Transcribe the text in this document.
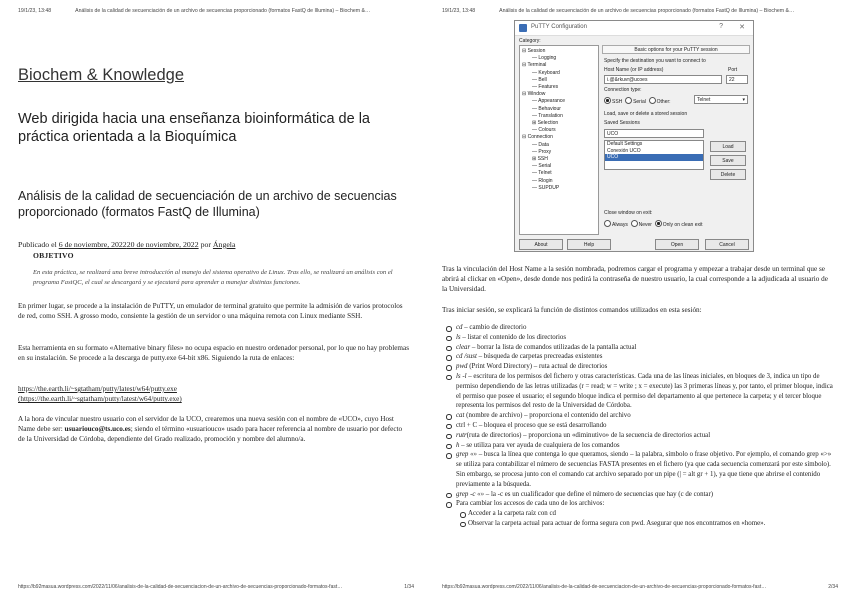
19/1/23, 13:48	Análisis de la calidad de secuenciación de un archivo de secuencias proporcionado (formatos FastQ de Illumina) – Biochem &…
Biochem & Knowledge
Web dirigida hacia una enseñanza bioinformática de la práctica orientada a la Bioquímica
Análisis de la calidad de secuenciación de un archivo de secuencias proporcionado (formatos FastQ de Illumina)
Publicado el 6 de noviembre, 202220 de noviembre, 2022 por Ángela
OBJETIVO
En esta práctica, se realizará una breve introducción al manejo del sistema operativo de Linux. Tras ello, se realizará un análisis con el programa FastQC, el cual se descargará y se ejecutará para aprender a manejar distintas funciones.

En primer lugar, se procede a la instalación de PuTTY, un emulador de terminal gratuito que permite la admisión de varios protocolos de red, como SSH. A grosso modo, consiente la gestión de un servidor o una máquina remota con Linux mediante SSH.

Esta herramienta en su formato «Alternative binary files» no ocupa espacio en nuestro ordenador personal, por lo que no hay problemas en su instalación. Se procede a la descarga de putty.exe 64-bit x86. Siguiendo la ruta de enlaces:

https://the.earth.li/~sgtatham/putty/latest/w64/putty.exe
(https://the.earth.li/~sgtatham/putty/latest/w64/putty.exe)

A la hora de vincular nuestro usuario con el servidor de la UCO, crearemos una nueva sesión con el nombre de «UCO», cuyo Host Name debe ser: usuariouco@ts.uco.es; siendo el término «usuariouco» usado para hacer referencia al nombre de usuario por defecto de la Universidad de Córdoba, dependiente del Grado realizado, promoción y nombre del alumno/a.

https://b92masua.wordpress.com/2022/11/06/analisis-de-la-calidad-de-secuenciacion-de-un-archivo-de-secuencias-proporcionado-formatos-fast…	1/34
19/1/23, 13:48	Análisis de la calidad de secuenciación de un archivo de secuencias proporcionado (formatos FastQ de Illumina) – Biochem &…
PuTTY Configuration	? ✕
Category:
⊟ Session
— Logging
⊟ Terminal
— Keyboard
— Bell
— Features
⊟ Window
— Appearance
— Behaviour
— Translation
⊞ Selection
— Colours
⊟ Connection
— Data
— Proxy
⊞ SSH
— Serial
— Telnet
— Rlogin
— SUPDUP
Basic options for your PuTTY session
Specify the destination you want to connect to
Host Name (or IP address)	Port
i.@&rkuvr@ucoes	22
Connection type:
SSH Serial Other:	Telnet	▾
Load, save or delete a stored session
Saved Sessions
UCO
Default Settings
Conexión UCO
UCO
Load
Save
Delete
Close window on exit:
Always Never Only on clean exit
About	Help	Open	Cancel

Tras la vinculación del Host Name a la sesión nombrada, podremos cargar el programa y empezar a trabajar desde un terminal que se abrirá al clickar en «Open», desde donde nos pedirá la contraseña de nuestro usuario, la cual corresponde a la adjudicada al usuario de la Universidad.

Tras iniciar sesión, se explicará la función de distintos comandos utilizados en esta sesión:

cd – cambio de directorio
ls – listar el contenido de los directorios
clear – borrar la lista de comandos utilizadas de la pantalla actual
cd /sust – búsqueda de carpetas precreadas existentes
pwd (Print Word Directory) – ruta actual de directorios
ls -l – escritura de los permisos del fichero y otras características. Cada una de las líneas iniciales, en bloques de 3, indica un tipo de permiso dependiendo de las letras utilizadas (r = read; w = write ; x = execute) las 3 primeras líneas y, por tanto, el primer bloque, indica el permiso que posee el usuario; el segundo bloque indica el permiso del departamento al que pertenece la carpeta; y el tercer bloque representa los permisos del resto de la Universidad de Córdoba.
cat (nombre de archivo) – proporciona el contenido del archivo
ctrl + C – bloquea el proceso que se está desarrollando
rutr(ruta de directorios) – proporciona un «diminutivo» de la secuencia de directorios actual
h – se utiliza para ver ayuda de cualquiera de los comandos
grep «» – busca la línea que contenga lo que queramos, siendo – la palabra, símbolo o frase objetivo. Por ejemplo, el comando grep «>» se utiliza para contabilizar el número de secuencias FASTA presentes en el fichero (ya que cada secuencia comenzará por este símbolo). Sin embargo, se procesa junto con el comando cat archivo separado por un pipe (| = alt gr + 1), ya que tiene que abrirse el contenido previamente a la búsqueda.
grep -c «» – la -c es un cualificador que define el número de secuencias que hay (c de contar)
Para cambiar los accesos de cada uno de los archivos:
Acceder a la carpeta raíz con cd
Observar la carpeta actual para actuar de forma segura con pwd. Asegurar que nos encontramos en «home».
https://b92masua.wordpress.com/2022/11/06/analisis-de-la-calidad-de-secuenciacion-de-un-archivo-de-secuencias-proporcionado-formatos-fast…	2/34
